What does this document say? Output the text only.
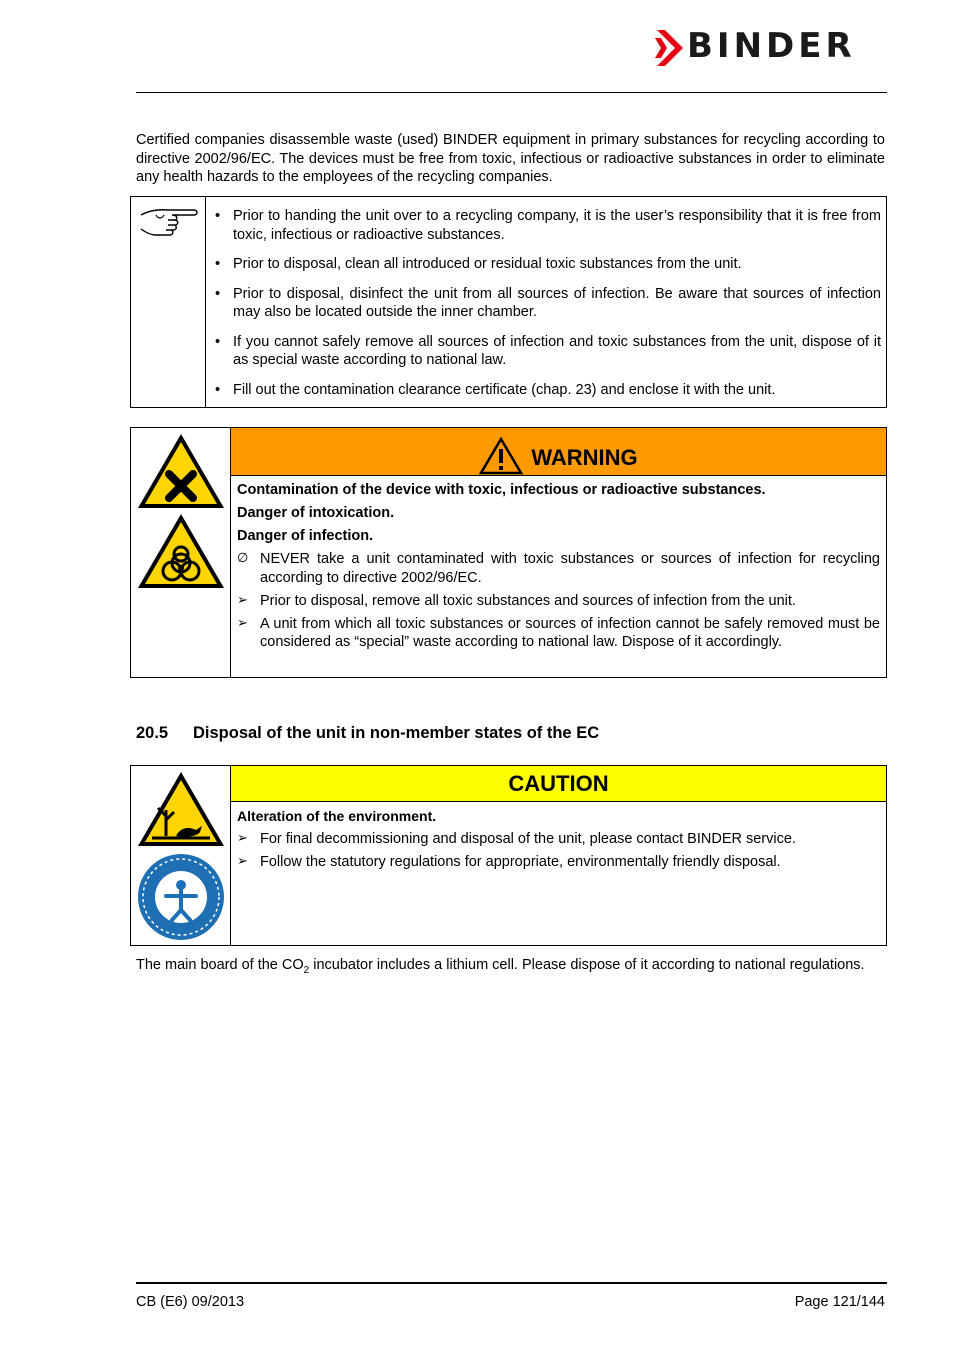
BINDER

Certified companies disassemble waste (used) BINDER equipment in primary substances for recycling according to directive 2002/96/EC. The devices must be free from toxic, infectious or radioactive substances in order to eliminate any health hazards to the employees of the recycling companies.

• Prior to handing the unit over to a recycling company, it is the user’s responsibility that it is free from toxic, infectious or radioactive substances.
• Prior to disposal, clean all introduced or residual toxic substances from the unit.
• Prior to disposal, disinfect the unit from all sources of infection. Be aware that sources of infection may also be located outside the inner chamber.
• If you cannot safely remove all sources of infection and toxic substances from the unit, dispose of it as special waste according to national law.
• Fill out the contamination clearance certificate (chap. 23) and enclose it with the unit.
WARNING
Contamination of the device with toxic, infectious or radioactive substances.
Danger of intoxication.
Danger of infection.
∅ NEVER take a unit contaminated with toxic substances or sources of infection for recycling according to directive 2002/96/EC.
➢ Prior to disposal, remove all toxic substances and sources of infection from the unit.
➢ A unit from which all toxic substances or sources of infection cannot be safely removed must be considered as “special” waste according to national law. Dispose of it accordingly.
20.5 Disposal of the unit in non-member states of the EC
CAUTION
Alteration of the environment.
➢ For final decommissioning and disposal of the unit, please contact BINDER service.
➢ Follow the statutory regulations for appropriate, environmentally friendly disposal.

The main board of the $CO_2$ incubator includes a lithium cell. Please dispose of it according to national regulations.

CB (E6) 09/2013	Page 121/144
